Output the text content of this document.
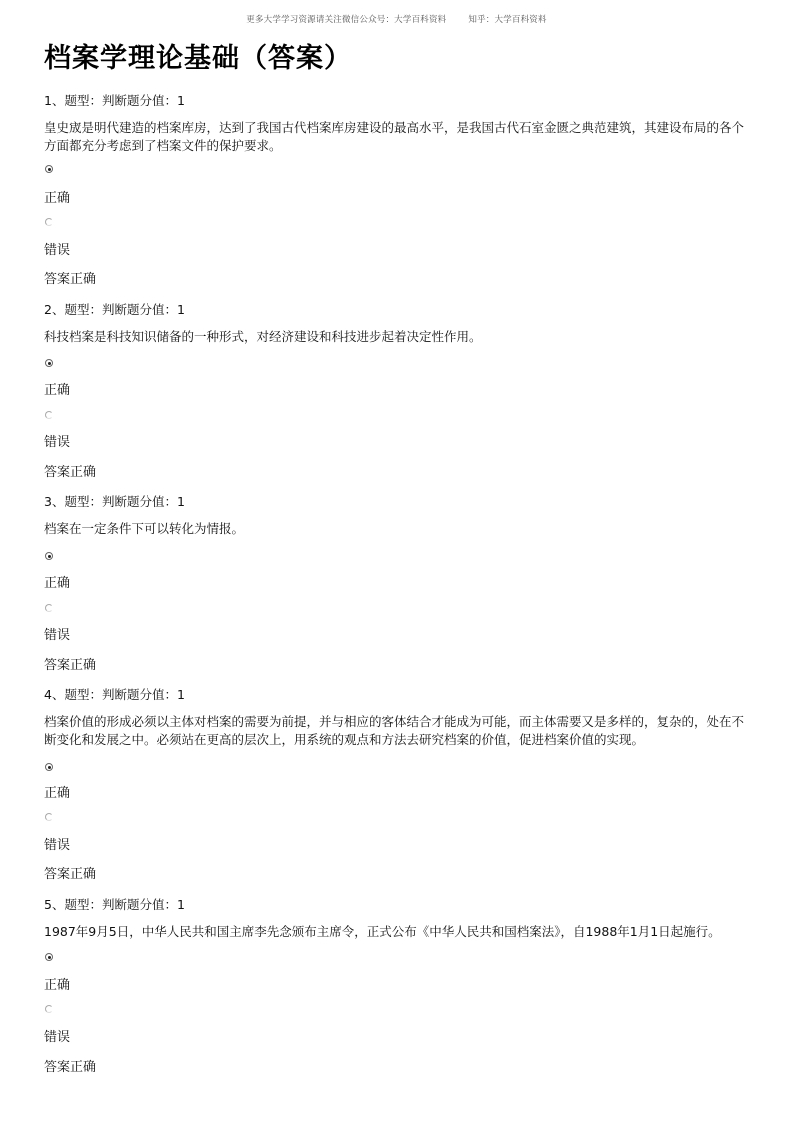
更多大学学习资源请关注微信公众号：大学百科资料	知乎：大学百科资料
档案学理论基础（答案）
1、题型：判断题分值：1
皇史宬是明代建造的档案库房，达到了我国古代档案库房建设的最高水平，是我国古代石室金匮之典范建筑，其建设布局的各个方面都充分考虑到了档案文件的保护要求。
正确
错误
答案正确
2、题型：判断题分值：1
科技档案是科技知识储备的一种形式，对经济建设和科技进步起着决定性作用。
正确
错误
答案正确
3、题型：判断题分值：1
档案在一定条件下可以转化为情报。
正确
错误
答案正确
4、题型：判断题分值：1
档案价值的形成必须以主体对档案的需要为前提，并与相应的客体结合才能成为可能，而主体需要又是多样的，复杂的，处在不断变化和发展之中。必须站在更高的层次上，用系统的观点和方法去研究档案的价值，促进档案价值的实现。
正确
错误
答案正确
5、题型：判断题分值：1
1987年9月5日，中华人民共和国主席李先念颁布主席令，正式公布《中华人民共和国档案法》，自1988年1月1日起施行。
正确
错误
答案正确
